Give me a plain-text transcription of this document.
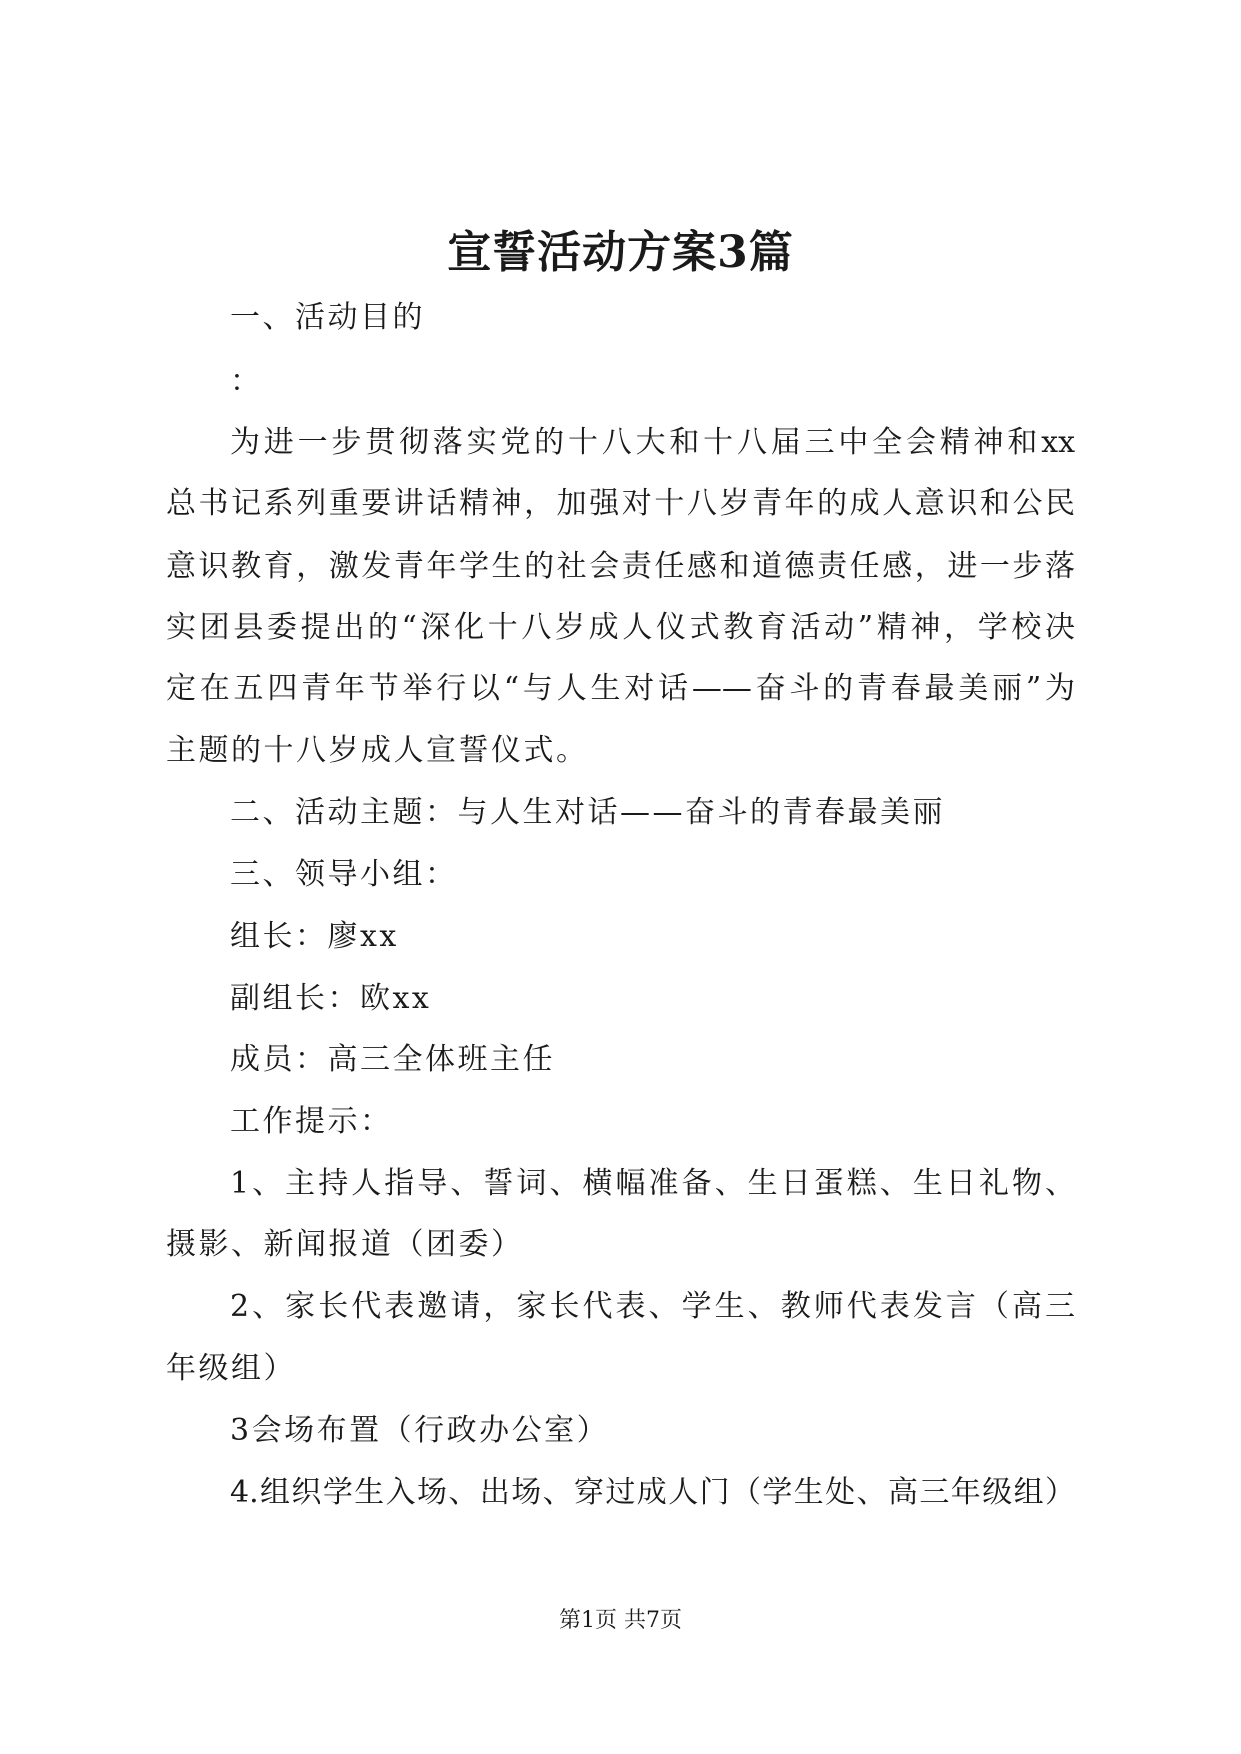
宣誓活动方案3篇
一、活动目的
：
为进一步贯彻落实党的十八大和十八届三中全会精神和xx
总书记系列重要讲话精神，加强对十八岁青年的成人意识和公民
意识教育，激发青年学生的社会责任感和道德责任感，进一步落
实团县委提出的“深化十八岁成人仪式教育活动”精神，学校决
定在五四青年节举行以“与人生对话——奋斗的青春最美丽”为
主题的十八岁成人宣誓仪式。
二、活动主题：与人生对话——奋斗的青春最美丽
三、领导小组：
组长：廖xx
副组长：欧xx
成员：高三全体班主任
工作提示：
1、主持人指导、誓词、横幅准备、生日蛋糕、生日礼物、
摄影、新闻报道（团委）
2、家长代表邀请，家长代表、学生、教师代表发言（高三
年级组）
3会场布置（行政办公室）
4.组织学生入场、出场、穿过成人门（学生处、高三年级组）
第1页 共7页
